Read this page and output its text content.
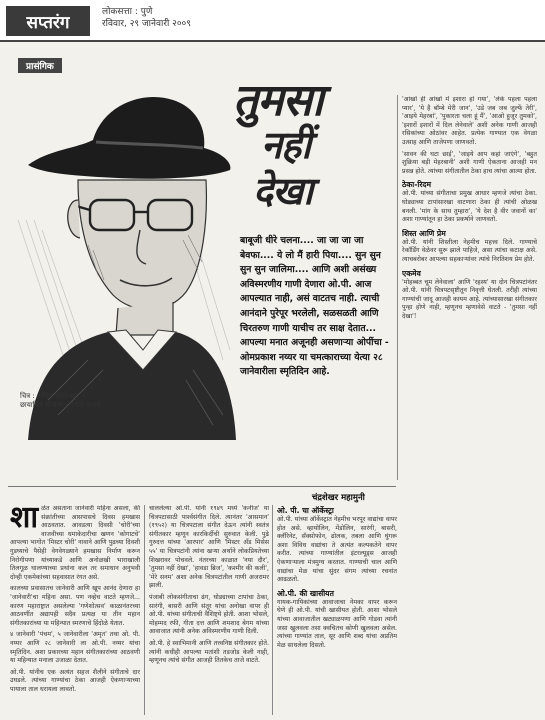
सप्तरंग
लोकसत्ता : पुणे
रविवार, २९ जानेवारी २००९
प्रासंगिक
चित्र : अनिल उपळेकर
छायाचित्र सौजन्य : गणेश जाधव
तुमसा
नहीं
देखा
बाबूजी धीरे चलना.... जा जा जा जा बेवफा.... ये लो मैं हारी पिया.... सुन सुन सुन सुन जालिमा.... आणि अशी असंख्य अविस्मरणीय गाणी देणारा ओ.पी. आज आपल्यात नाही, असं वाटतच नाही. त्याची आनंदाने पुरेपूर भरलेली, सळसळती आणि चिरतरुण गाणी याचीच तर साक्ष देतात... आपल्या मनात अजूनही असणाऱ्या ओपींचा - ओमप्रकाश नय्यर या चमत्काराच्या येत्या २८ जानेवारीला स्मृतिदिन आहे.
चंद्रशेखर महामुनी
शा ळेत असताना जानेवारी महिना असला, की संक्रांतीच्या आसपासचे दिवस हमखास आठवतात. आवडत्या दिवसी 'चोरी'च्या वाजवीच्या धमाकेदारीचा खणन 'कोगाटचे' आपल्या भागोत 'मिस्टर चोरी' नावाने आणि पुढच्या दिवशी गुडघ्याचे पैसेही वेगवेगळ्याने हमखास निर्माण करून निरोगीपणा यांच्याकडे आणि अनोळखी भाराखाली तिलगूळ घालण्याच्या प्रथांना कल तर समाधान अनुभवी दोन्ही एकमेकांच्या सहवासात रंगत असे.

कालच्या प्रवासातच जानेवारी आणि खूप आनंद देणारा हा 'जानेवारी'चा महिना असा. पण नव्हेच वाटते म्हणजे... कारण महाराष्ट्रात असलेल्या 'गणेशोत्सव' काळानंतरच्या आठवणींत अद्यापही सदैव प्रत्यक्ष या तीन महान संगीतकारांच्या या महिन्यात स्मरणाचे हिंदोळे येतात.

४ जानेवारी 'पंचम', ५ जानेवारीला 'अमृत' तथा ओ. पी. नय्यर आणि २८ जानेवारी ला ओ.पी. नय्यर यांचा स्मृतिदिन. अशा प्रकारच्या महान संगीतकारांच्या आठवणी या महिन्यात मनाला उजाळा देतात.

ओ.पी. यांनीच एक अत्यंत सहज शैलीने संगीताचे दार उघडले. त्यांच्या गाण्यांचा ठेका आजही ऐकणाऱ्याच्या पायाला ताल धरायला लावतो.

चाललेल्या ओ.पी. यांनी १९४९ मध्ये 'कनीज' या चित्रपटासाठी पार्श्वसंगीत दिले. त्यानंतर 'आसमान' (१९५२) या चित्रपटाला संगीत देऊन त्यांनी स्वतंत्र संगीतकार म्हणून कारकिर्दीची सुरुवात केली. पुढे गुरुदत्त यांच्या 'आरपार' आणि 'मिस्टर अँड मिसेस ५५' या चित्रपटांनी त्यांना खऱ्या अर्थाने लोकप्रियतेच्या शिखरावर पोचवले. नंतरच्या काळात 'नया दौर', 'तुमसा नहीं देखा', 'हावडा ब्रिज', 'कश्मीर की कली', 'मेरे सनम' अशा अनेक चित्रपटांतील गाणी अजरामर झाली.

पंजाबी लोकसंगीताचा ढंग, घोड्याच्या टापांचा ठेका, सारंगी, बासरी आणि संतूर यांचा अनोखा वापर ही ओ.पी. यांच्या संगीताची वैशिष्ट्ये होती. आशा भोसले, मोहम्मद रफी, गीता दत्त आणि शमशाद बेगम यांच्या आवाजात त्यांनी अनेक अविस्मरणीय गाणी दिली.

ओ.पी. हे स्वाभिमानी आणि तत्त्वनिष्ठ संगीतकार होते. त्यांनी कधीही आपल्या मतांशी तडजोड केली नाही, म्हणूनच त्यांचे संगीत आजही तितकेच ताजे वाटते.

ओ. पी. चा ऑर्केस्ट्रा

ओ.पी. यांच्या ऑर्केस्ट्रात नेहमीच भरपूर वाद्यांचा वापर होत असे. व्हायोलिन, मेंडोलिन, सारंगी, बासरी, क्लॅरिनेट, सॅक्सोफोन, ढोलक, तबला आणि घुंगरू अशा विविध वाद्यांचा ते अत्यंत कल्पकतेने वापर करीत. त्यांच्या गाण्यांतील इंटरल्यूड्स आजही ऐकणाऱ्याला मंत्रमुग्ध करतात. गाण्याची चाल आणि वाद्यांचा मेळ यांचा सुंदर संगम त्यांच्या रचनांत आढळतो.

ओ.पी. की खासीयत

गायक-गायिकांच्या आवाजाचा नेमका वापर करून घेणे ही ओ.पी. यांची खासीयत होती. आशा भोसले यांच्या आवाजातील खट्याळपणा आणि गोडवा त्यांनी जसा खुलवला तसा क्वचितच कोणी खुलवला असेल. त्यांच्या गाण्यांत ताल, सूर आणि शब्द यांचा अप्रतिम मेळ साधलेला दिसतो.

'आंखों ही आंखों में इशारा हो गया', 'लेके पहला पहला प्यार', 'ये है बॉम्बे मेरी जान', 'उडे जब जब जुल्फें तेरी', 'आइये मेहरबां', 'पुकारता चला हूं मैं', 'आओ हुजूर तुमको', 'इशारों इशारों में दिल लेनेवाले' अशी अनेक गाणी आजही रसिकांच्या ओठांवर आहेत. प्रत्येक गाण्यात एक वेगळा उत्साह आणि ताजेपणा जाणवतो.

'सावन की घटा छाई', 'जाइये आप कहां जाएंगे', 'बहुत शुक्रिया बड़ी मेहरबानी' अशी गाणी ऐकताना आजही मन प्रसन्न होते. त्यांच्या संगीतातील ठेका हाच त्यांचा आत्मा होता.

ठेका-रिदम

ओ.पी. यांच्या संगीताचा प्रमुख आधार म्हणजे त्यांचा ठेका. घोड्याच्या टापांसारखा वाटणारा ठेका ही त्यांची ओळख बनली. 'मांग के साथ तुम्हारा', 'ये देश है वीर जवानों का' अशा गाण्यांतून हा ठेका प्रकर्षाने जाणवतो.

शिस्त आणि प्रेम

ओ.पी. यांनी शिस्तीला नेहमीच महत्त्व दिले. गाण्याचे रेकॉर्डिंग वेळेवर सुरू झाले पाहिजे, असा त्यांचा कटाक्ष असे. त्याचबरोबर आपल्या सहकाऱ्यांवर त्यांचे निरतिशय प्रेम होते.

एकमेव

'मोहब्बत चूम लेनेवाला' आणि 'रहस्य' या दोन चित्रपटांनंतर ओ.पी. यांनी चित्रपटसृष्टीतून निवृत्ती घेतली. तरीही त्यांच्या गाण्यांची जादू आजही कायम आहे. त्यांच्यासारखा संगीतकार पुन्हा होणे नाही, म्हणूनच म्हणावेसे वाटते - 'तुमसा नहीं देखा'!
